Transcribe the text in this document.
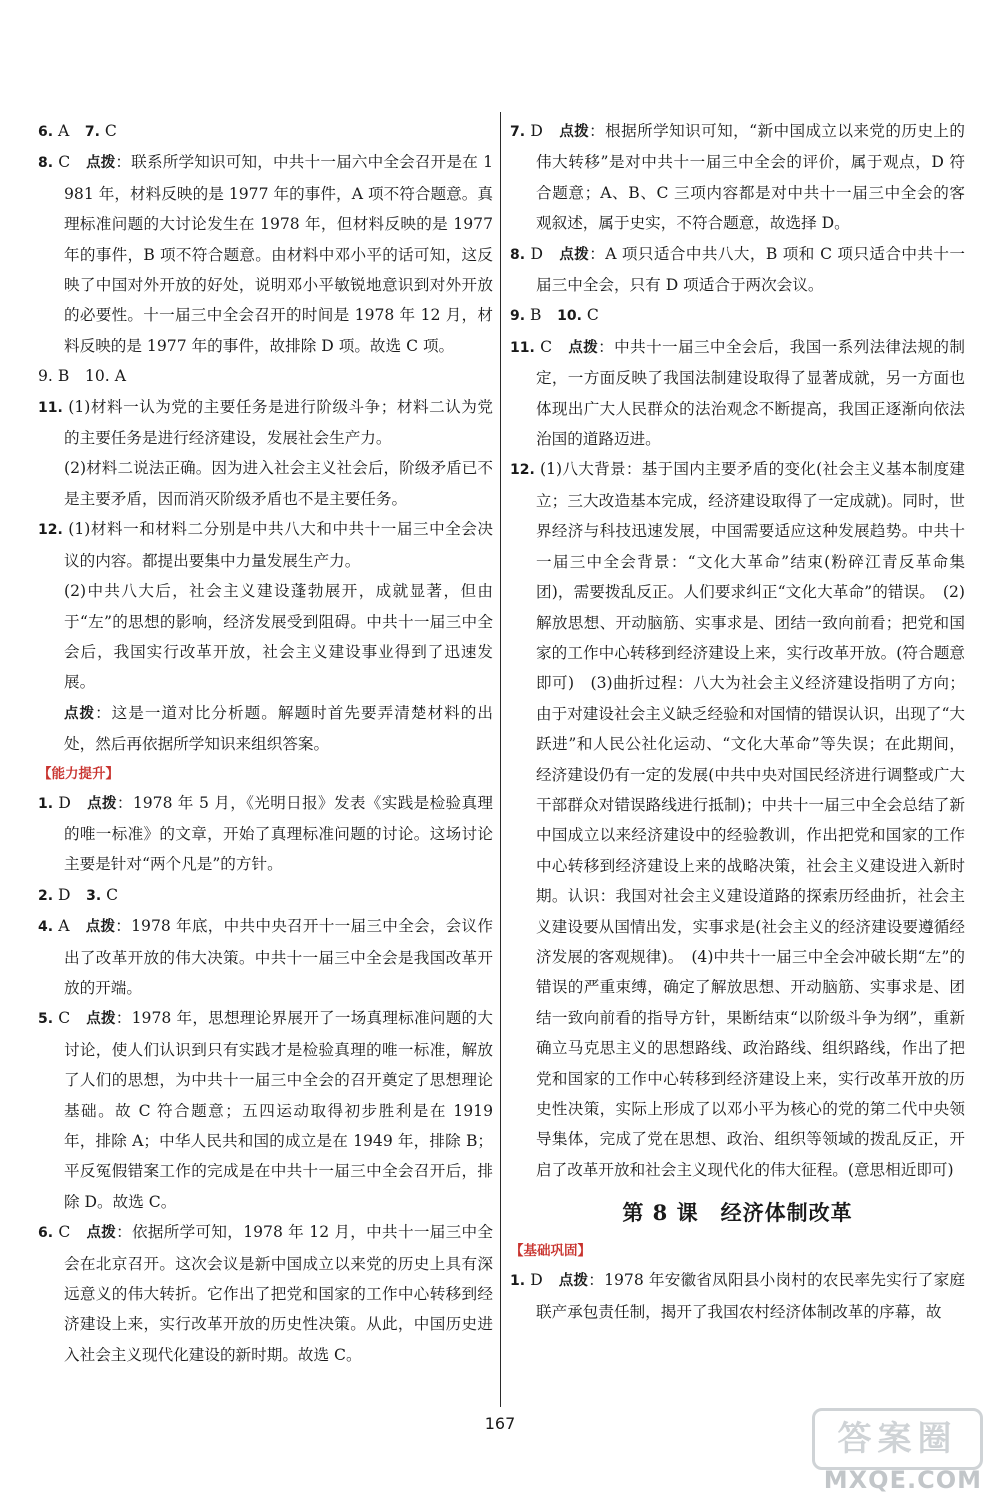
6. A　7. C
8. C　点拨：联系所学知识可知，中共十一届六中全会召开是在 1981 年，材料反映的是 1977 年的事件，A 项不符合题意。真理标准问题的大讨论发生在 1978 年，但材料反映的是 1977 年的事件，B 项不符合题意。由材料中邓小平的话可知，这反映了中国对外开放的好处，说明邓小平敏锐地意识到对外开放的必要性。十一届三中全会召开的时间是 1978 年 12 月，材料反映的是 1977 年的事件，故排除 D 项。故选 C 项。
9. B　10. A
11. (1)材料一认为党的主要任务是进行阶级斗争；材料二认为党的主要任务是进行经济建设，发展社会生产力。
(2)材料二说法正确。因为进入社会主义社会后，阶级矛盾已不是主要矛盾，因而消灭阶级矛盾也不是主要任务。
12. (1)材料一和材料二分别是中共八大和中共十一届三中全会决议的内容。都提出要集中力量发展生产力。
(2)中共八大后，社会主义建设蓬勃展开，成就显著，但由于“左”的思想的影响，经济发展受到阻碍。中共十一届三中全会后，我国实行改革开放，社会主义建设事业得到了迅速发展。
点拨：这是一道对比分析题。解题时首先要弄清楚材料的出处，然后再依据所学知识来组织答案。
【能力提升】
1. D　点拨：1978 年 5 月，《光明日报》发表《实践是检验真理的唯一标准》的文章，开始了真理标准问题的讨论。这场讨论主要是针对“两个凡是”的方针。
2. D　3. C
4. A　点拨：1978 年底，中共中央召开十一届三中全会，会议作出了改革开放的伟大决策。中共十一届三中全会是我国改革开放的开端。
5. C　点拨：1978 年，思想理论界展开了一场真理标准问题的大讨论，使人们认识到只有实践才是检验真理的唯一标准，解放了人们的思想，为中共十一届三中全会的召开奠定了思想理论基础。故 C 符合题意；五四运动取得初步胜利是在 1919 年，排除 A；中华人民共和国的成立是在 1949 年，排除 B；平反冤假错案工作的完成是在中共十一届三中全会召开后，排除 D。故选 C。
6. C　点拨：依据所学可知，1978 年 12 月，中共十一届三中全会在北京召开。这次会议是新中国成立以来党的历史上具有深远意义的伟大转折。它作出了把党和国家的工作中心转移到经济建设上来，实行改革开放的历史性决策。从此，中国历史进入社会主义现代化建设的新时期。故选 C。
7. D　点拨：根据所学知识可知，“新中国成立以来党的历史上的伟大转移”是对中共十一届三中全会的评价，属于观点，D 符合题意；A、B、C 三项内容都是对中共十一届三中全会的客观叙述，属于史实，不符合题意，故选择 D。
8. D　点拨：A 项只适合中共八大，B 项和 C 项只适合中共十一届三中全会，只有 D 项适合于两次会议。
9. B　10. C
11. C　点拨：中共十一届三中全会后，我国一系列法律法规的制定，一方面反映了我国法制建设取得了显著成就，另一方面也体现出广大人民群众的法治观念不断提高，我国正逐渐向依法治国的道路迈进。
12. (1)八大背景：基于国内主要矛盾的变化(社会主义基本制度建立；三大改造基本完成，经济建设取得了一定成就)。同时，世界经济与科技迅速发展，中国需要适应这种发展趋势。中共十一届三中全会背景：“文化大革命”结束(粉碎江青反革命集团)，需要拨乱反正。人们要求纠正“文化大革命”的错误。　(2)解放思想、开动脑筋、实事求是、团结一致向前看；把党和国家的工作中心转移到经济建设上来，实行改革开放。(符合题意即可)　(3)曲折过程：八大为社会主义经济建设指明了方向；由于对建设社会主义缺乏经验和对国情的错误认识，出现了“大跃进”和人民公社化运动、“文化大革命”等失误；在此期间，经济建设仍有一定的发展(中共中央对国民经济进行调整或广大干部群众对错误路线进行抵制)；中共十一届三中全会总结了新中国成立以来经济建设中的经验教训，作出把党和国家的工作中心转移到经济建设上来的战略决策，社会主义建设进入新时期。认识：我国对社会主义建设道路的探索历经曲折，社会主义建设要从国情出发，实事求是(社会主义的经济建设要遵循经济发展的客观规律)。　(4)中共十一届三中全会冲破长期“左”的错误的严重束缚，确定了解放思想、开动脑筋、实事求是、团结一致向前看的指导方针，果断结束“以阶级斗争为纲”，重新确立马克思主义的思想路线、政治路线、组织路线，作出了把党和国家的工作中心转移到经济建设上来，实行改革开放的历史性决策，实际上形成了以邓小平为核心的党的第二代中央领导集体，完成了党在思想、政治、组织等领域的拨乱反正，开启了改革开放和社会主义现代化的伟大征程。(意思相近即可)
第 8 课　经济体制改革
【基础巩固】
1. D　点拨：1978 年安徽省凤阳县小岗村的农民率先实行了家庭联产承包责任制，揭开了我国农村经济体制改革的序幕，故
167	答案圈
MXQE.COM
